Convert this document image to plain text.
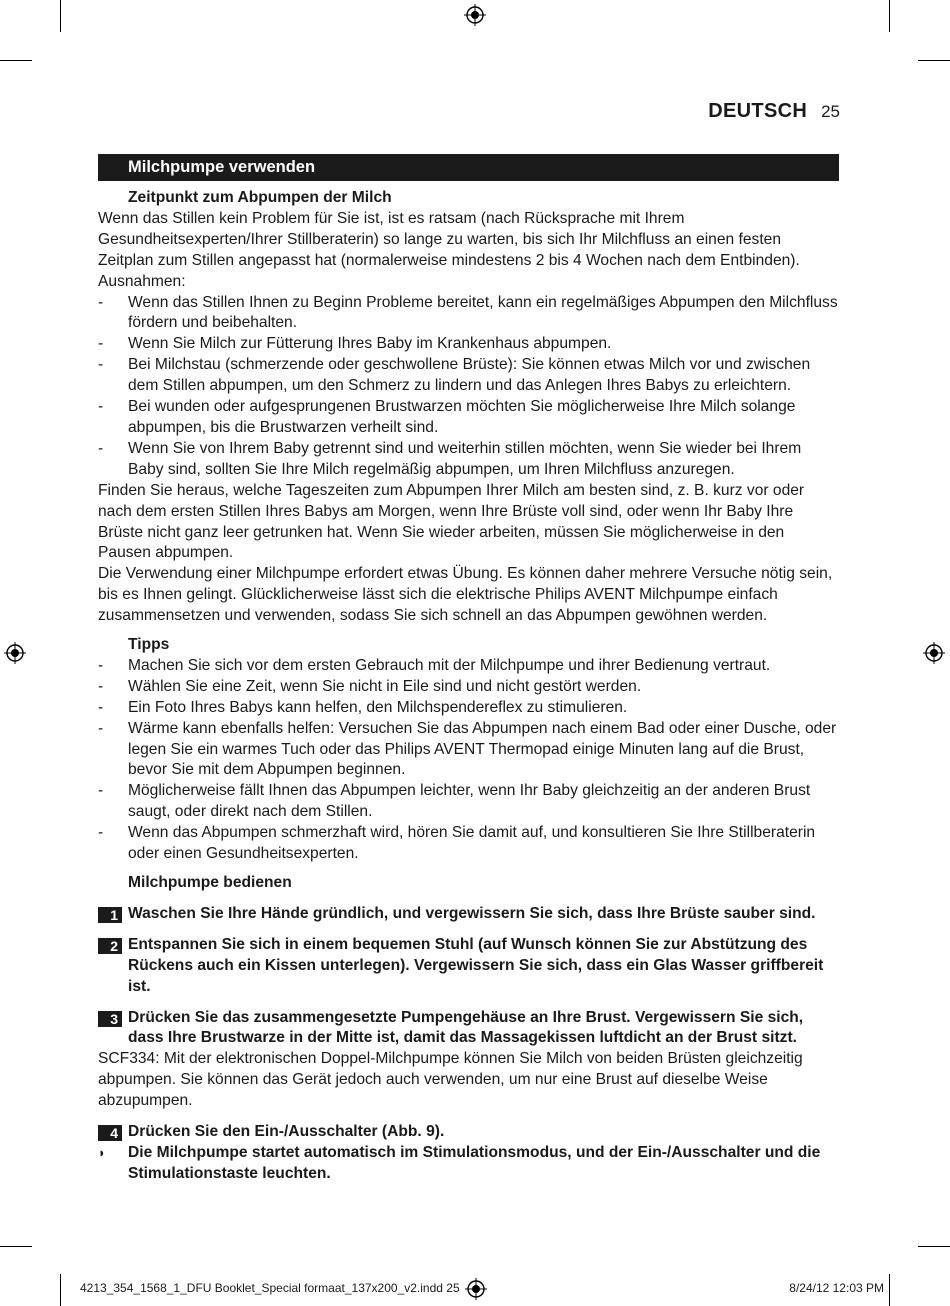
DEUTSCH 25
Milchpumpe verwenden
Zeitpunkt zum Abpumpen der Milch

Wenn das Stillen kein Problem für Sie ist, ist es ratsam (nach Rücksprache mit Ihrem Gesundheitsexperten/Ihrer Stillberaterin) so lange zu warten, bis sich Ihr Milchfluss an einen festen Zeitplan zum Stillen angepasst hat (normalerweise mindestens 2 bis 4 Wochen nach dem Entbinden). Ausnahmen:

- Wenn das Stillen Ihnen zu Beginn Probleme bereitet, kann ein regelmäßiges Abpumpen den Milchfluss fördern und beibehalten.
- Wenn Sie Milch zur Fütterung Ihres Baby im Krankenhaus abpumpen.
- Bei Milchstau (schmerzende oder geschwollene Brüste): Sie können etwas Milch vor und zwischen dem Stillen abpumpen, um den Schmerz zu lindern und das Anlegen Ihres Babys zu erleichtern.
- Bei wunden oder aufgesprungenen Brustwarzen möchten Sie möglicherweise Ihre Milch solange abpumpen, bis die Brustwarzen verheilt sind.
- Wenn Sie von Ihrem Baby getrennt sind und weiterhin stillen möchten, wenn Sie wieder bei Ihrem Baby sind, sollten Sie Ihre Milch regelmäßig abpumpen, um Ihren Milchfluss anzuregen.

Finden Sie heraus, welche Tageszeiten zum Abpumpen Ihrer Milch am besten sind, z. B. kurz vor oder nach dem ersten Stillen Ihres Babys am Morgen, wenn Ihre Brüste voll sind, oder wenn Ihr Baby Ihre Brüste nicht ganz leer getrunken hat. Wenn Sie wieder arbeiten, müssen Sie möglicherweise in den Pausen abpumpen.

Die Verwendung einer Milchpumpe erfordert etwas Übung. Es können daher mehrere Versuche nötig sein, bis es Ihnen gelingt. Glücklicherweise lässt sich die elektrische Philips AVENT Milchpumpe einfach zusammensetzen und verwenden, sodass Sie sich schnell an das Abpumpen gewöhnen werden.

Tipps
- Machen Sie sich vor dem ersten Gebrauch mit der Milchpumpe und ihrer Bedienung vertraut.
- Wählen Sie eine Zeit, wenn Sie nicht in Eile sind und nicht gestört werden.
- Ein Foto Ihres Babys kann helfen, den Milchspendereflex zu stimulieren.
- Wärme kann ebenfalls helfen: Versuchen Sie das Abpumpen nach einem Bad oder einer Dusche, oder legen Sie ein warmes Tuch oder das Philips AVENT Thermopad einige Minuten lang auf die Brust, bevor Sie mit dem Abpumpen beginnen.
- Möglicherweise fällt Ihnen das Abpumpen leichter, wenn Ihr Baby gleichzeitig an der anderen Brust saugt, oder direkt nach dem Stillen.
- Wenn das Abpumpen schmerzhaft wird, hören Sie damit auf, und konsultieren Sie Ihre Stillberaterin oder einen Gesundheitsexperten.
Milchpumpe bedienen
1 Waschen Sie Ihre Hände gründlich, und vergewissern Sie sich, dass Ihre Brüste sauber sind.
2 Entspannen Sie sich in einem bequemen Stuhl (auf Wunsch können Sie zur Abstützung des Rückens auch ein Kissen unterlegen). Vergewissern Sie sich, dass ein Glas Wasser griffbereit ist.
3 Drücken Sie das zusammengesetzte Pumpengehäuse an Ihre Brust. Vergewissern Sie sich, dass Ihre Brustwarze in der Mitte ist, damit das Massagekissen luftdicht an der Brust sitzt.

SCF334: Mit der elektronischen Doppel-Milchpumpe können Sie Milch von beiden Brüsten gleichzeitig abpumpen. Sie können das Gerät jedoch auch verwenden, um nur eine Brust auf dieselbe Weise abzupumpen.

4 Drücken Sie den Ein-/Ausschalter (Abb. 9).
◗ Die Milchpumpe startet automatisch im Stimulationsmodus, und der Ein-/Ausschalter und die Stimulationstaste leuchten.
4213_354_1568_1_DFU Booklet_Special formaat_137x200_v2.indd 25	8/24/12 12:03 PM
